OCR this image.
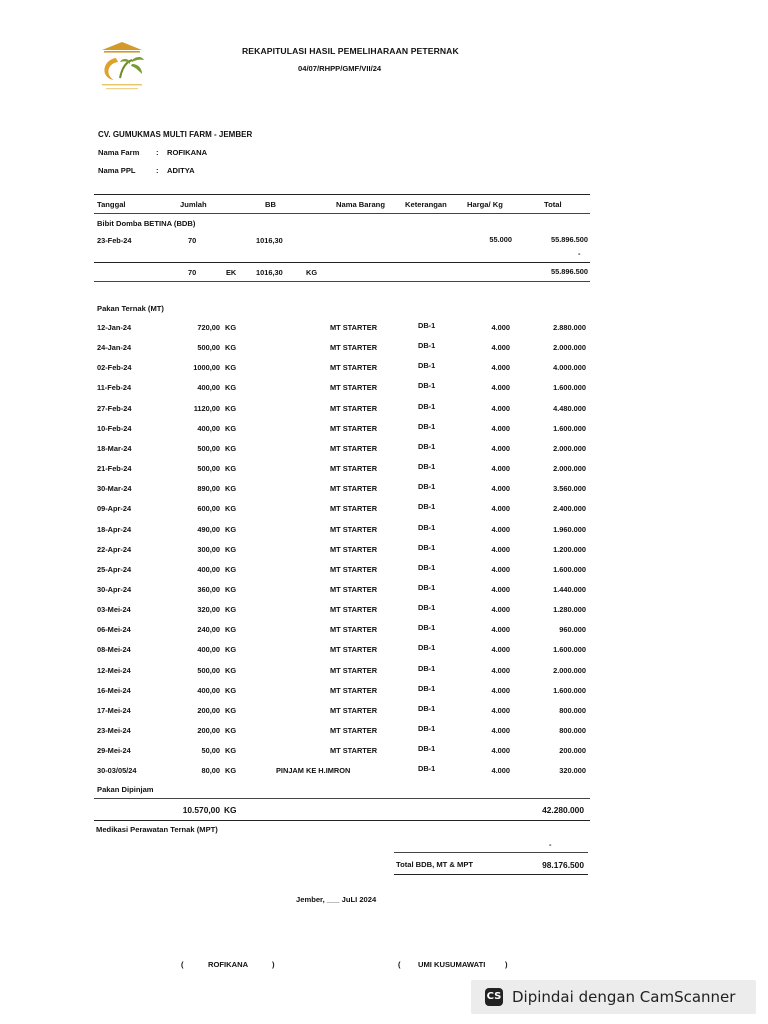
REKAPITULASI HASIL PEMELIHARAAN PETERNAK
04/07/RHPP/GMF/VII/24
CV. GUMUKMAS MULTI FARM - JEMBER
Nama Farm : ROFIKANA
Nama PPL	: ADITYA
Tanggal	Jumlah	BB	Nama Barang	Keterangan	Harga/ Kg	Total
Bibit Domba BETINA (BDB)
23-Feb-24	70	1016,30	55.000	55.896.500
-
70	EK	1016,30	KG	55.896.500
Pakan Ternak (MT)
12-Jan-24	720,00 KG	MT STARTER	DB-1	4.000	2.880.000
24-Jan-24	500,00 KG	MT STARTER	DB-1	4.000	2.000.000
02-Feb-24	1000,00 KG	MT STARTER	DB-1	4.000	4.000.000
11-Feb-24	400,00 KG	MT STARTER	DB-1	4.000	1.600.000
27-Feb-24	1120,00 KG	MT STARTER	DB-1	4.000	4.480.000
10-Feb-24	400,00 KG	MT STARTER	DB-1	4.000	1.600.000
18-Mar-24	500,00 KG	MT STARTER	DB-1	4.000	2.000.000
21-Feb-24	500,00 KG	MT STARTER	DB-1	4.000	2.000.000
30-Mar-24	890,00 KG	MT STARTER	DB-1	4.000	3.560.000
09-Apr-24	600,00 KG	MT STARTER	DB-1	4.000	2.400.000
18-Apr-24	490,00 KG	MT STARTER	DB-1	4.000	1.960.000
22-Apr-24	300,00 KG	MT STARTER	DB-1	4.000	1.200.000
25-Apr-24	400,00 KG	MT STARTER	DB-1	4.000	1.600.000
30-Apr-24	360,00 KG	MT STARTER	DB-1	4.000	1.440.000
03-Mei-24	320,00 KG	MT STARTER	DB-1	4.000	1.280.000
06-Mei-24	240,00 KG	MT STARTER	DB-1	4.000	960.000
08-Mei-24	400,00 KG	MT STARTER	DB-1	4.000	1.600.000
12-Mei-24	500,00 KG	MT STARTER	DB-1	4.000	2.000.000
16-Mei-24	400,00 KG	MT STARTER	DB-1	4.000	1.600.000
17-Mei-24	200,00 KG	MT STARTER	DB-1	4.000	800.000
23-Mei-24	200,00 KG	MT STARTER	DB-1	4.000	800.000
29-Mei-24	50,00 KG	MT STARTER	DB-1	4.000	200.000
30-03/05/24	80,00 KG	PINJAM KE H.IMRON	DB-1	4.000	320.000
Pakan Dipinjam
10.570,00 KG	42.280.000
Medikasi Perawatan Ternak (MPT)
-
Total BDB, MT & MPT	98.176.500
Jember, ___ JuLI 2024
(	ROFIKANA	)	( UMI KUSUMAWATI	)
CS Dipindai dengan CamScanner
